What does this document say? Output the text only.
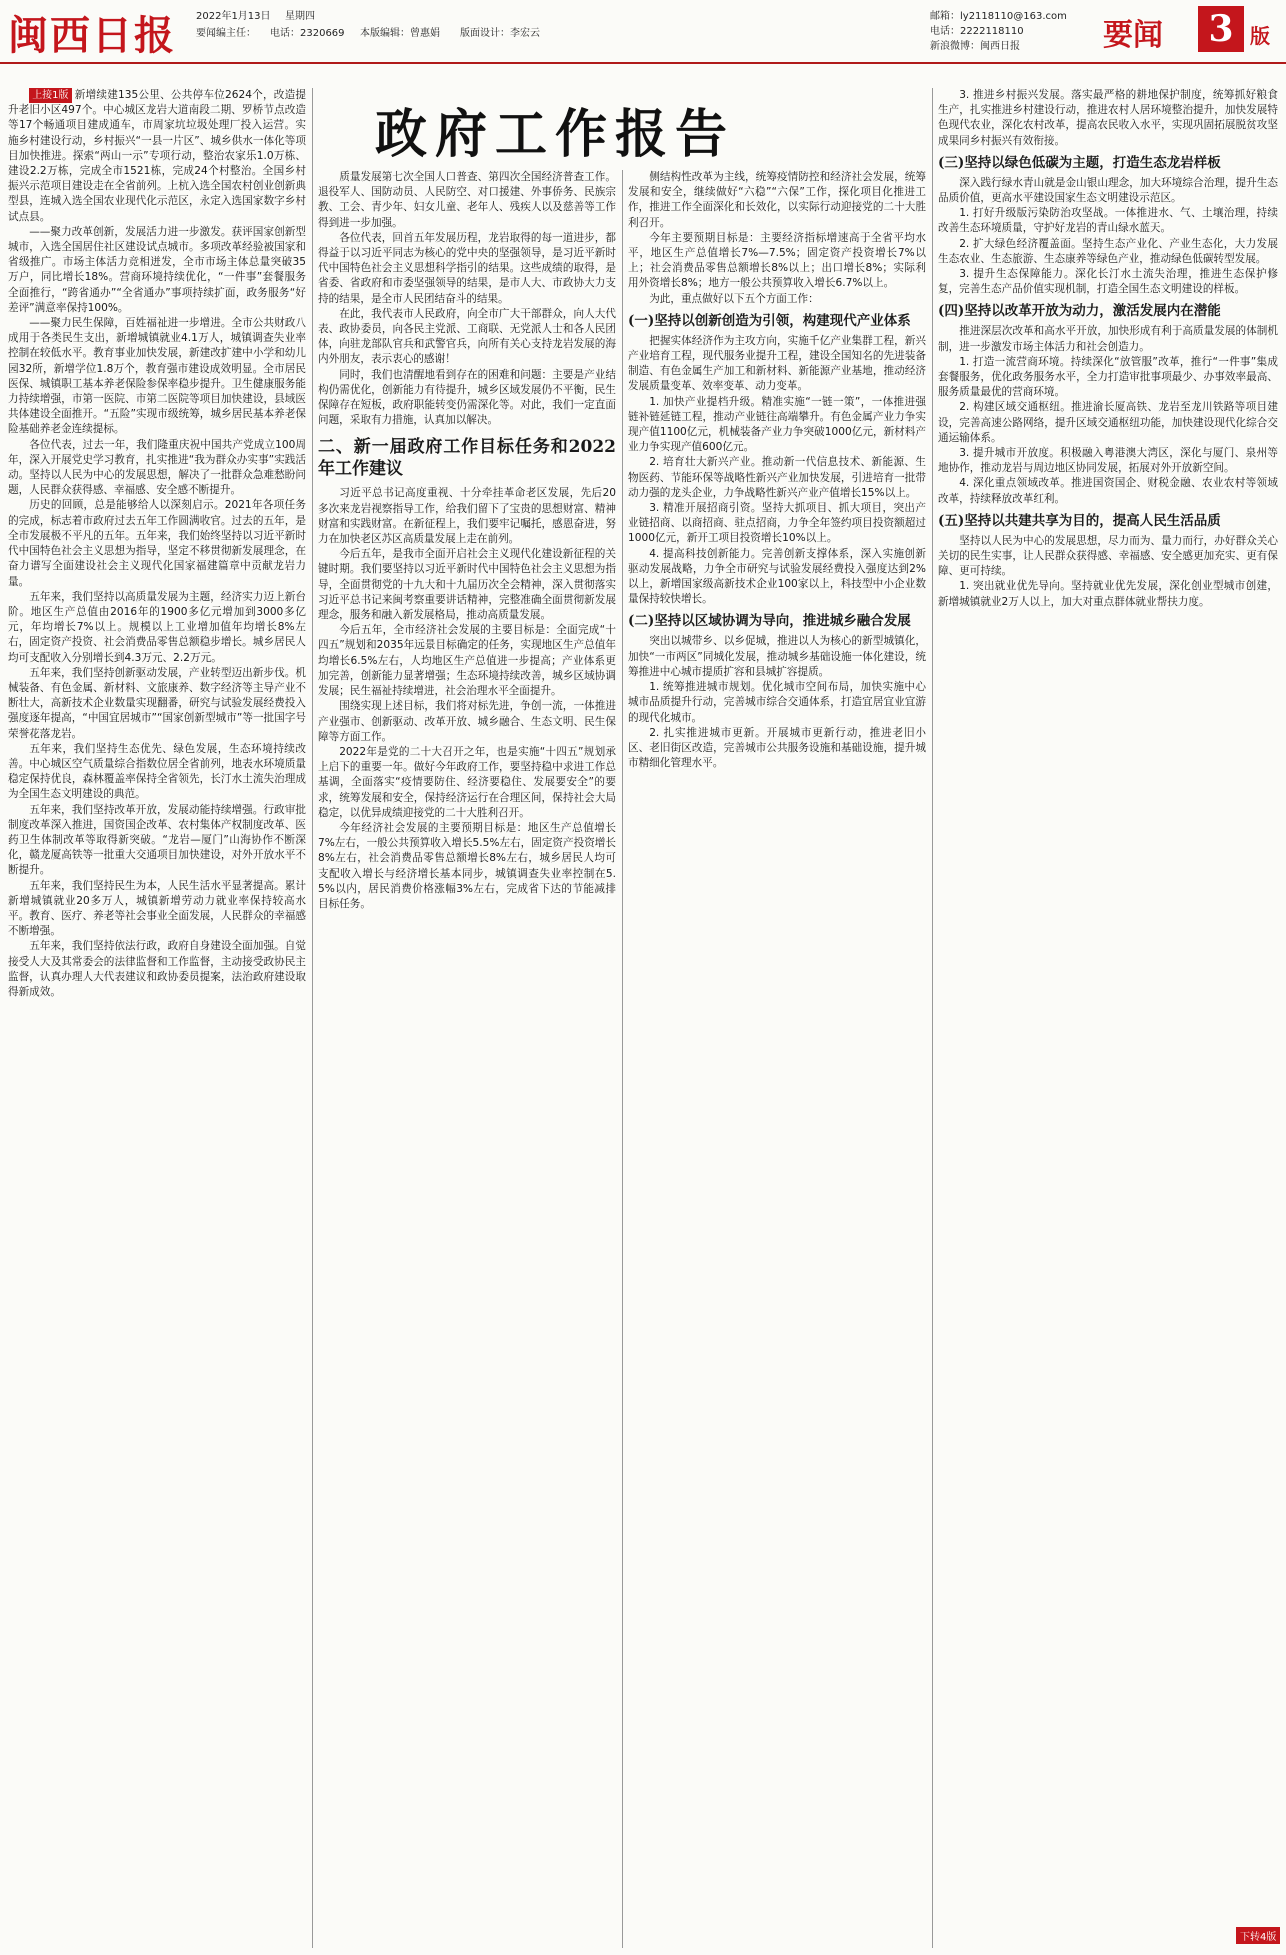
闽西日报 2022年1月13日 星期四
要闻编主任： 电话：2320669 本版编辑：曾惠娟 版面设计：李宏云
邮箱：ly2118110@163.com
电话：2222118110
新浪微博：闽西日报	要闻 3 版
政府工作报告

上接1版 新增续建135公里、公共停车位2624个，改造提升老旧小区497个。中心城区龙岩大道南段二期、罗桥节点改造等17个畅通项目建成通车，市周家坑垃圾处理厂投入运营。实施乡村建设行动，乡村振兴“一县一片区”、城乡供水一体化等项目加快推进。探索“两山一示”专项行动，整治农家乐1.0万栋、建设2.2万栋，完成全市1521栋，完成24个村整治。全国乡村振兴示范项目建设走在全省前列。上杭入选全国农村创业创新典型县，连城入选全国农业现代化示范区，永定入选国家数字乡村试点县。

——聚力改革创新，发展活力进一步激发。获评国家创新型城市，入选全国居住社区建设试点城市。多项改革经验被国家和省级推广。市场主体活力竞相迸发，全市市场主体总量突破35万户，同比增长18%。营商环境持续优化，“一件事”套餐服务全面推行，“跨省通办”“全省通办”事项持续扩面，政务服务“好差评”满意率保持100%。

——聚力民生保障，百姓福祉进一步增进。全市公共财政八成用于各类民生支出，新增城镇就业4.1万人，城镇调查失业率控制在较低水平。教育事业加快发展，新建改扩建中小学和幼儿园32所，新增学位1.8万个，教育强市建设成效明显。全市居民医保、城镇职工基本养老保险参保率稳步提升。卫生健康服务能力持续增强，市第一医院、市第二医院等项目加快建设，县域医共体建设全面推开。“五险”实现市级统筹，城乡居民基本养老保险基础养老金连续提标。

各位代表，过去一年，我们隆重庆祝中国共产党成立100周年，深入开展党史学习教育，扎实推进“我为群众办实事”实践活动。坚持以人民为中心的发展思想，解决了一批群众急难愁盼问题，人民群众获得感、幸福感、安全感不断提升。

历史的回顾，总是能够给人以深刻启示。2021年各项任务的完成，标志着市政府过去五年工作圆满收官。过去的五年，是全市发展极不平凡的五年。五年来，我们始终坚持以习近平新时代中国特色社会主义思想为指导，坚定不移贯彻新发展理念，在奋力谱写全面建设社会主义现代化国家福建篇章中贡献龙岩力量。

五年来，我们坚持以高质量发展为主题，经济实力迈上新台阶。地区生产总值由2016年的1900多亿元增加到3000多亿元，年均增长7%以上。规模以上工业增加值年均增长8%左右，固定资产投资、社会消费品零售总额稳步增长。城乡居民人均可支配收入分别增长到4.3万元、2.2万元。

五年来，我们坚持创新驱动发展，产业转型迈出新步伐。机械装备、有色金属、新材料、文旅康养、数字经济等主导产业不断壮大，高新技术企业数量实现翻番，研究与试验发展经费投入强度逐年提高，“中国宜居城市”“国家创新型城市”等一批国字号荣誉花落龙岩。

五年来，我们坚持生态优先、绿色发展，生态环境持续改善。中心城区空气质量综合指数位居全省前列，地表水环境质量稳定保持优良，森林覆盖率保持全省领先，长汀水土流失治理成为全国生态文明建设的典范。

五年来，我们坚持改革开放，发展动能持续增强。行政审批制度改革深入推进，国资国企改革、农村集体产权制度改革、医药卫生体制改革等取得新突破。“龙岩—厦门”山海协作不断深化，赣龙厦高铁等一批重大交通项目加快建设，对外开放水平不断提升。

五年来，我们坚持民生为本，人民生活水平显著提高。累计新增城镇就业20多万人，城镇新增劳动力就业率保持较高水平。教育、医疗、养老等社会事业全面发展，人民群众的幸福感不断增强。

五年来，我们坚持依法行政，政府自身建设全面加强。自觉接受人大及其常委会的法律监督和工作监督，主动接受政协民主监督，认真办理人大代表建议和政协委员提案，法治政府建设取得新成效。

质量发展第七次全国人口普查、第四次全国经济普查工作。退役军人、国防动员、人民防空、对口援建、外事侨务、民族宗教、工会、青少年、妇女儿童、老年人、残疾人以及慈善等工作得到进一步加强。

各位代表，回首五年发展历程，龙岩取得的每一道进步，都得益于以习近平同志为核心的党中央的坚强领导，是习近平新时代中国特色社会主义思想科学指引的结果。这些成绩的取得，是省委、省政府和市委坚强领导的结果，是市人大、市政协大力支持的结果，是全市人民团结奋斗的结果。

在此，我代表市人民政府，向全市广大干部群众，向人大代表、政协委员，向各民主党派、工商联、无党派人士和各人民团体，向驻龙部队官兵和武警官兵，向所有关心支持龙岩发展的海内外朋友，表示衷心的感谢！

同时，我们也清醒地看到存在的困难和问题：主要是产业结构仍需优化，创新能力有待提升，城乡区域发展仍不平衡，民生保障存在短板，政府职能转变仍需深化等。对此，我们一定直面问题，采取有力措施，认真加以解决。

二、新一届政府工作目标任务和2022年工作建议

习近平总书记高度重视、十分牵挂革命老区发展，先后20多次来龙岩视察指导工作，给我们留下了宝贵的思想财富、精神财富和实践财富。在新征程上，我们要牢记嘱托，感恩奋进，努力在加快老区苏区高质量发展上走在前列。

今后五年，是我市全面开启社会主义现代化建设新征程的关键时期。我们要坚持以习近平新时代中国特色社会主义思想为指导，全面贯彻党的十九大和十九届历次全会精神，深入贯彻落实习近平总书记来闽考察重要讲话精神，完整准确全面贯彻新发展理念，服务和融入新发展格局，推动高质量发展。

今后五年，全市经济社会发展的主要目标是：全面完成“十四五”规划和2035年远景目标确定的任务，实现地区生产总值年均增长6.5%左右，人均地区生产总值进一步提高；产业体系更加完善，创新能力显著增强；生态环境持续改善，城乡区域协调发展；民生福祉持续增进，社会治理水平全面提升。

围绕实现上述目标，我们将对标先进，争创一流，一体推进产业强市、创新驱动、改革开放、城乡融合、生态文明、民生保障等方面工作。

2022年是党的二十大召开之年，也是实施“十四五”规划承上启下的重要一年。做好今年政府工作，要坚持稳中求进工作总基调，全面落实“疫情要防住、经济要稳住、发展要安全”的要求，统筹发展和安全，保持经济运行在合理区间，保持社会大局稳定，以优异成绩迎接党的二十大胜利召开。

今年经济社会发展的主要预期目标是：地区生产总值增长7%左右，一般公共预算收入增长5.5%左右，固定资产投资增长8%左右，社会消费品零售总额增长8%左右，城乡居民人均可支配收入增长与经济增长基本同步，城镇调查失业率控制在5.5%以内，居民消费价格涨幅3%左右，完成省下达的节能减排目标任务。

侧结构性改革为主线，统筹疫情防控和经济社会发展，统筹发展和安全，继续做好“六稳”“六保”工作，探化项目化推进工作，推进工作全面深化和长效化，以实际行动迎接党的二十大胜利召开。

今年主要预期目标是：主要经济指标增速高于全省平均水平，地区生产总值增长7%—7.5%；固定资产投资增长7%以上；社会消费品零售总额增长8%以上；出口增长8%；实际利用外资增长8%；地方一般公共预算收入增长6.7%以上。

为此，重点做好以下五个方面工作：

(一)坚持以创新创造为引领，构建现代产业体系

把握实体经济作为主攻方向，实施千亿产业集群工程，新兴产业培育工程，现代服务业提升工程，建设全国知名的先进装备制造、有色金属生产加工和新材料、新能源产业基地，推动经济发展质量变革、效率变革、动力变革。

1. 加快产业提档升级。精准实施“一链一策”，一体推进强链补链延链工程，推动产业链往高端攀升。有色金属产业力争实现产值1100亿元，机械装备产业力争突破1000亿元，新材料产业力争实现产值600亿元。

2. 培育壮大新兴产业。推动新一代信息技术、新能源、生物医药、节能环保等战略性新兴产业加快发展，引进培育一批带动力强的龙头企业，力争战略性新兴产业产值增长15%以上。

3. 精准开展招商引资。坚持大抓项目、抓大项目，突出产业链招商、以商招商、驻点招商，力争全年签约项目投资额超过1000亿元，新开工项目投资增长10%以上。

4. 提高科技创新能力。完善创新支撑体系，深入实施创新驱动发展战略，力争全市研究与试验发展经费投入强度达到2%以上，新增国家级高新技术企业100家以上，科技型中小企业数量保持较快增长。

(二)坚持以区域协调为导向，推进城乡融合发展

突出以城带乡、以乡促城，推进以人为核心的新型城镇化，加快“一市两区”同城化发展，推动城乡基础设施一体化建设，统筹推进中心城市提质扩容和县城扩容提质。

1. 统筹推进城市规划。优化城市空间布局，加快实施中心城市品质提升行动，完善城市综合交通体系，打造宜居宜业宜游的现代化城市。

2. 扎实推进城市更新。开展城市更新行动，推进老旧小区、老旧街区改造，完善城市公共服务设施和基础设施，提升城市精细化管理水平。

3. 推进乡村振兴发展。落实最严格的耕地保护制度，统筹抓好粮食生产，扎实推进乡村建设行动，推进农村人居环境整治提升，加快发展特色现代农业，深化农村改革，提高农民收入水平，实现巩固拓展脱贫攻坚成果同乡村振兴有效衔接。

(三)坚持以绿色低碳为主题，打造生态龙岩样板

深入践行绿水青山就是金山银山理念，加大环境综合治理，提升生态品质价值，更高水平建设国家生态文明建设示范区。

1. 打好升级版污染防治攻坚战。一体推进水、气、土壤治理，持续改善生态环境质量，守护好龙岩的青山绿水蓝天。

2. 扩大绿色经济覆盖面。坚持生态产业化、产业生态化，大力发展生态农业、生态旅游、生态康养等绿色产业，推动绿色低碳转型发展。

3. 提升生态保障能力。深化长汀水土流失治理，推进生态保护修复，完善生态产品价值实现机制，打造全国生态文明建设的样板。

(四)坚持以改革开放为动力，激活发展内在潜能

推进深层次改革和高水平开放，加快形成有利于高质量发展的体制机制，进一步激发市场主体活力和社会创造力。

1. 打造一流营商环境。持续深化“放管服”改革，推行“一件事”集成套餐服务，优化政务服务水平，全力打造审批事项最少、办事效率最高、服务质量最优的营商环境。

2. 构建区域交通枢纽。推进渝长厦高铁、龙岩至龙川铁路等项目建设，完善高速公路网络，提升区域交通枢纽功能，加快建设现代化综合交通运输体系。

3. 提升城市开放度。积极融入粤港澳大湾区，深化与厦门、泉州等地协作，推动龙岩与周边地区协同发展，拓展对外开放新空间。

4. 深化重点领域改革。推进国资国企、财税金融、农业农村等领域改革，持续释放改革红利。

(五)坚持以共建共享为目的，提高人民生活品质

坚持以人民为中心的发展思想，尽力而为、量力而行，办好群众关心关切的民生实事，让人民群众获得感、幸福感、安全感更加充实、更有保障、更可持续。

1. 突出就业优先导向。坚持就业优先发展，深化创业型城市创建，新增城镇就业2万人以上，加大对重点群体就业帮扶力度。

下转4版
